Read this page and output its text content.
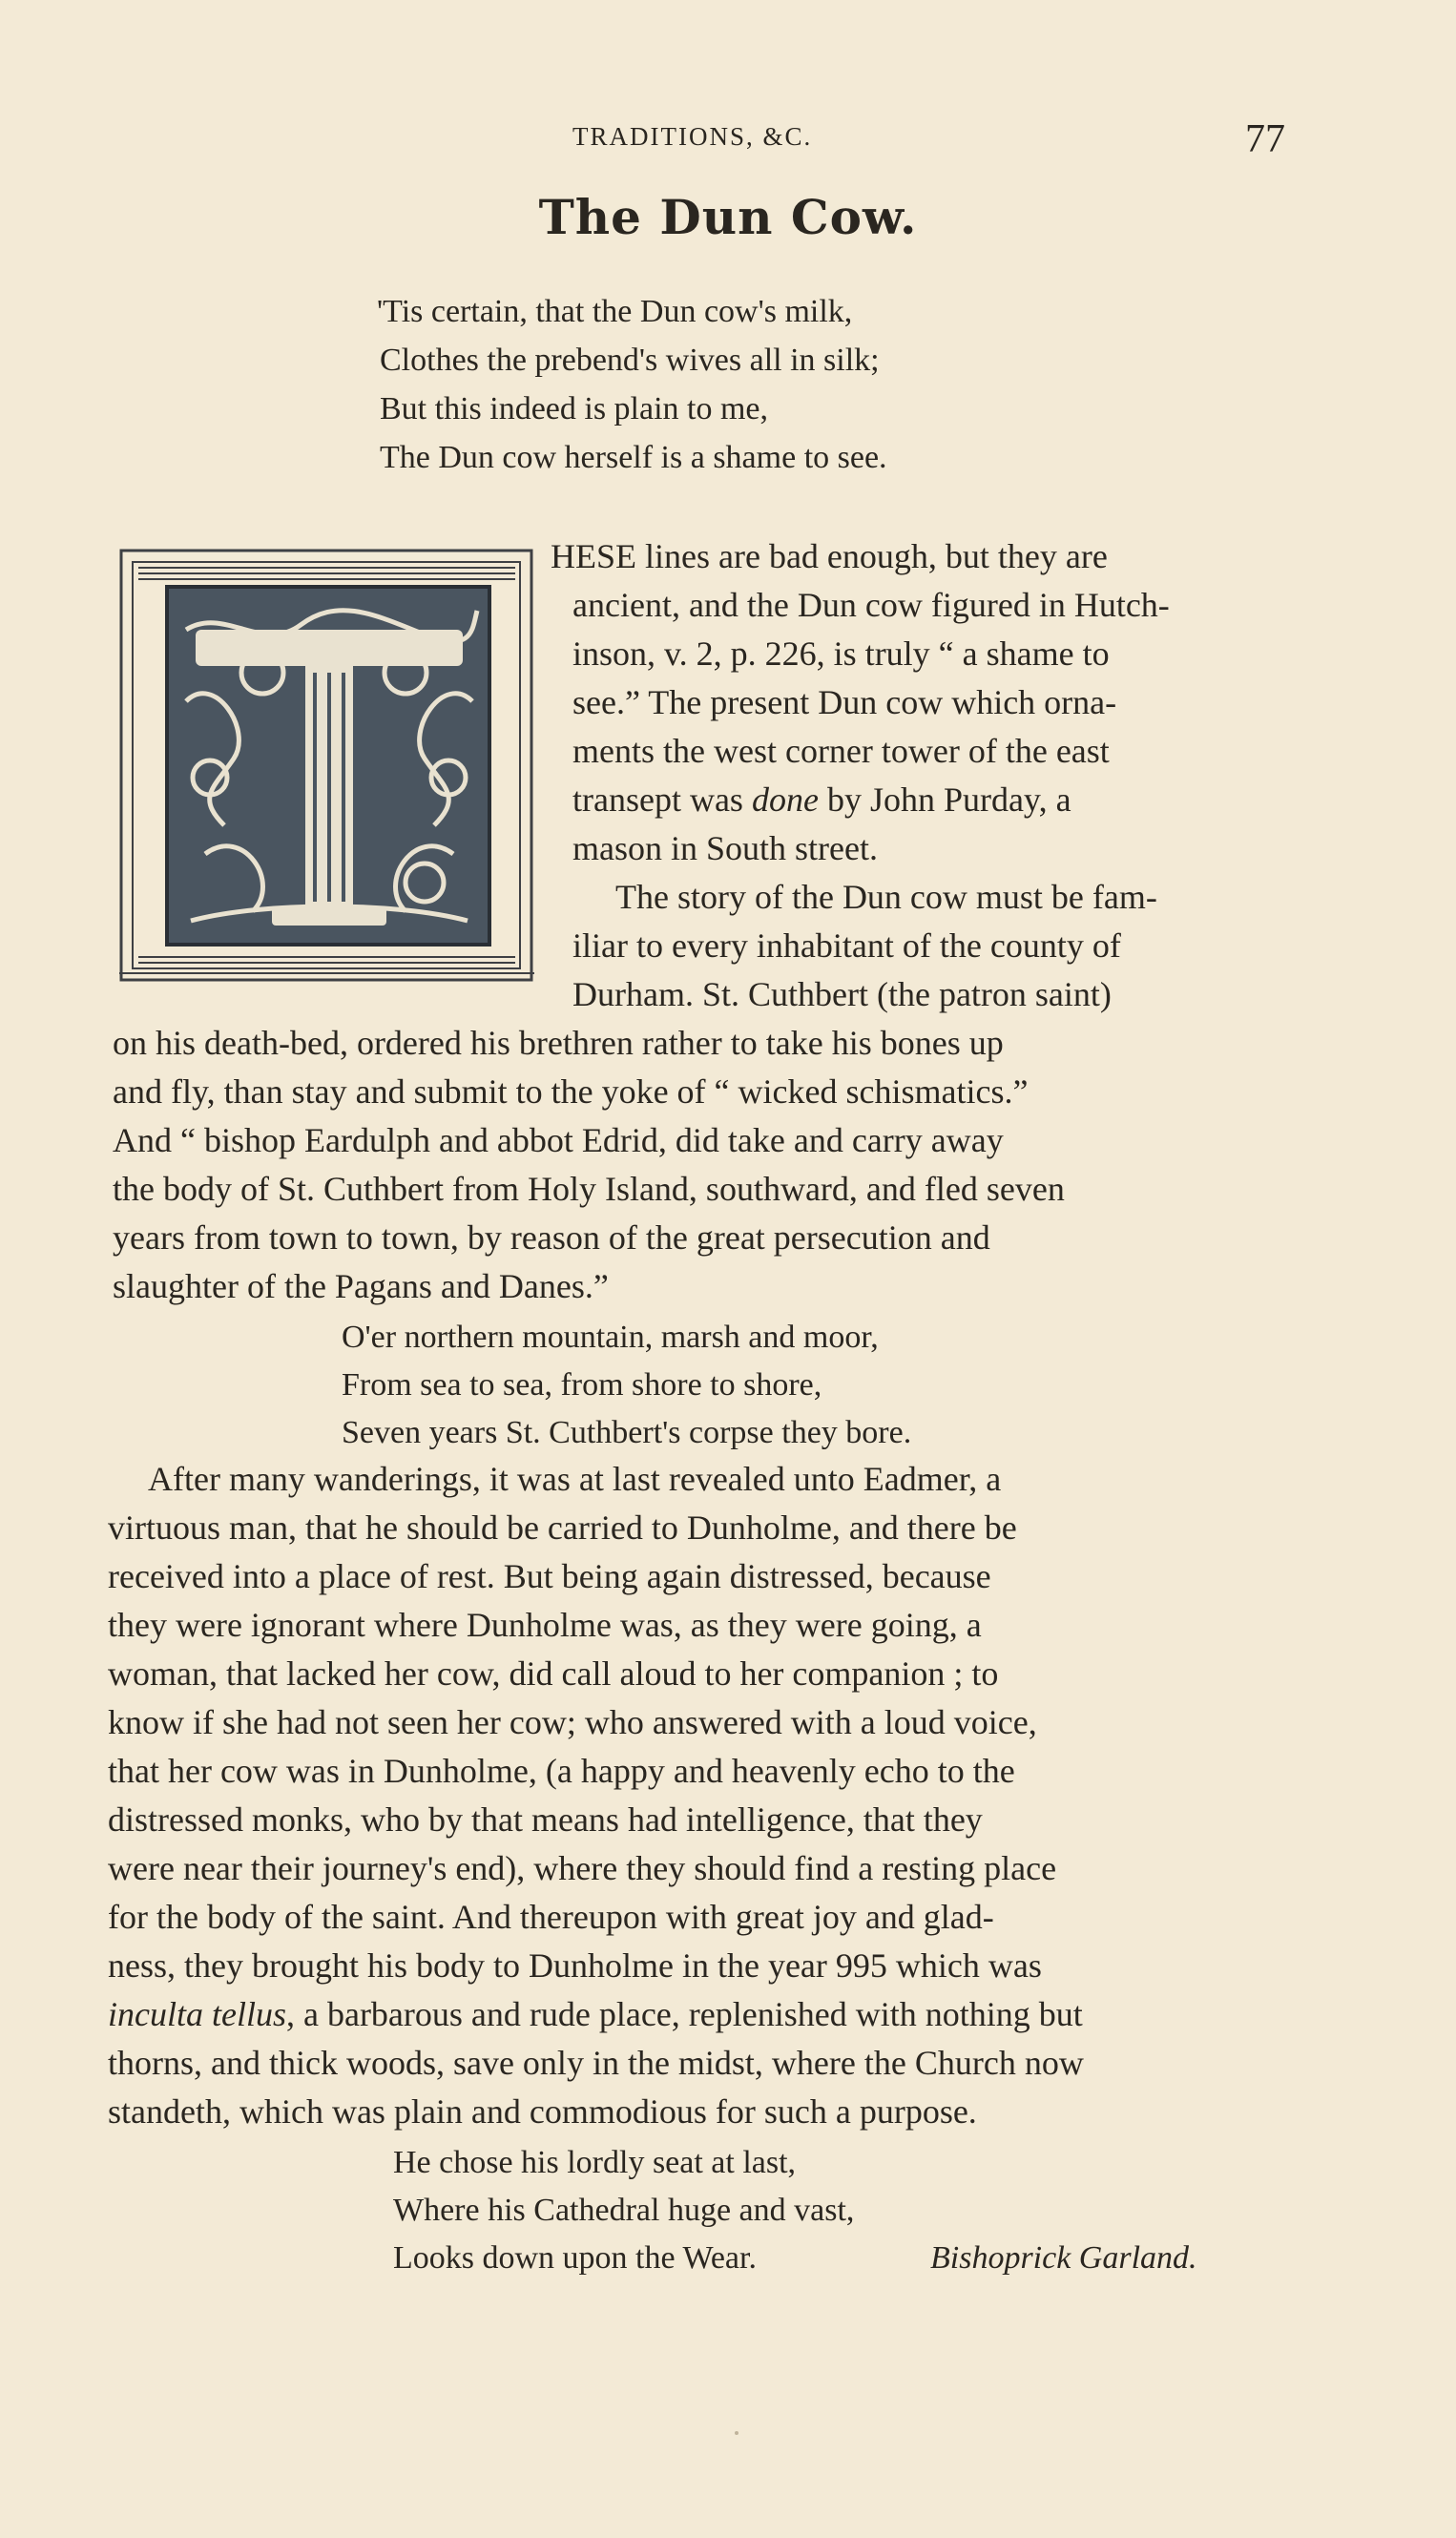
TRADITIONS, &C.	77
The Dun Cow.
'Tis certain, that the Dun cow's milk,
Clothes the prebend's wives all in silk;
But this indeed is plain to me,
The Dun cow herself is a shame to see.
HESE lines are bad enough, but they are
ancient, and the Dun cow figured in Hutch-
inson, v. 2, p. 226, is truly “ a shame to
see.” The present Dun cow which orna-
ments the west corner tower of the east
transept was done by John Purday, a
mason in South street.
The story of the Dun cow must be fam-
iliar to every inhabitant of the county of
Durham. St. Cuthbert (the patron saint)
on his death-bed, ordered his brethren rather to take his bones up
and fly, than stay and submit to the yoke of “ wicked schismatics.”
And “ bishop Eardulph and abbot Edrid, did take and carry away
the body of St. Cuthbert from Holy Island, southward, and fled seven
years from town to town, by reason of the great persecution and
slaughter of the Pagans and Danes.”
O'er northern mountain, marsh and moor,
From sea to sea, from shore to shore,
Seven years St. Cuthbert's corpse they bore.
After many wanderings, it was at last revealed unto Eadmer, a
virtuous man, that he should be carried to Dunholme, and there be
received into a place of rest. But being again distressed, because
they were ignorant where Dunholme was, as they were going, a
woman, that lacked her cow, did call aloud to her companion ; to
know if she had not seen her cow; who answered with a loud voice,
that her cow was in Dunholme, (a happy and heavenly echo to the
distressed monks, who by that means had intelligence, that they
were near their journey's end), where they should find a resting place
for the body of the saint. And thereupon with great joy and glad-
ness, they brought his body to Dunholme in the year 995 which was
inculta tellus, a barbarous and rude place, replenished with nothing but
thorns, and thick woods, save only in the midst, where the Church now
standeth, which was plain and commodious for such a purpose.
He chose his lordly seat at last,
Where his Cathedral huge and vast,
Looks down upon the Wear.	Bishoprick Garland.
